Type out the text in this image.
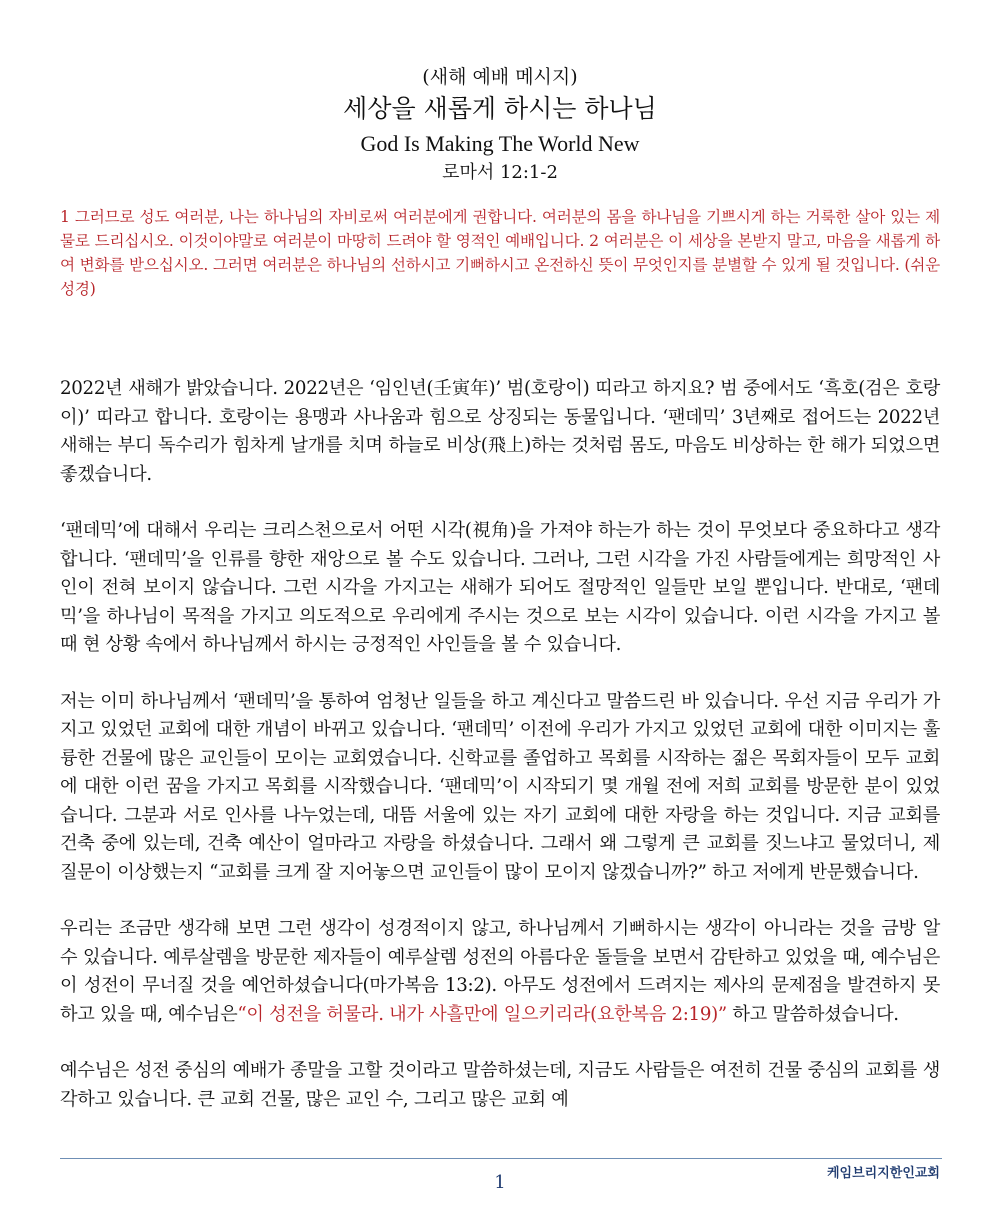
(새해 예배 메시지)
세상을 새롭게 하시는 하나님
God Is Making The World New
로마서 12:1-2
1 그러므로 성도 여러분, 나는 하나님의 자비로써 여러분에게 권합니다. 여러분의 몸을 하나님을 기쁘시게 하는 거룩한 살아 있는 제물로 드리십시오. 이것이야말로 여러분이 마땅히 드려야 할 영적인 예배입니다. 2 여러분은 이 세상을 본받지 말고, 마음을 새롭게 하여 변화를 받으십시오. 그러면 여러분은 하나님의 선하시고 기뻐하시고 온전하신 뜻이 무엇인지를 분별할 수 있게 될 것입니다. (쉬운성경)

2022년 새해가 밝았습니다. 2022년은 ‘임인년(壬寅年)’ 범(호랑이) 띠라고 하지요? 범 중에서도 ‘흑호(검은 호랑이)’ 띠라고 합니다. 호랑이는 용맹과 사나움과 힘으로 상징되는 동물입니다. ‘팬데믹’ 3년째로 접어드는 2022년 새해는 부디 독수리가 힘차게 날개를 치며 하늘로 비상(飛上)하는 것처럼 몸도, 마음도 비상하는 한 해가 되었으면 좋겠습니다.

‘팬데믹’에 대해서 우리는 크리스천으로서 어떤 시각(視角)을 가져야 하는가 하는 것이 무엇보다 중요하다고 생각합니다. ‘팬데믹’을 인류를 향한 재앙으로 볼 수도 있습니다. 그러나, 그런 시각을 가진 사람들에게는 희망적인 사인이 전혀 보이지 않습니다. 그런 시각을 가지고는 새해가 되어도 절망적인 일들만 보일 뿐입니다. 반대로, ‘팬데믹’을 하나님이 목적을 가지고 의도적으로 우리에게 주시는 것으로 보는 시각이 있습니다. 이런 시각을 가지고 볼 때 현 상황 속에서 하나님께서 하시는 긍정적인 사인들을 볼 수 있습니다.

저는 이미 하나님께서 ‘팬데믹’을 통하여 엄청난 일들을 하고 계신다고 말씀드린 바 있습니다. 우선 지금 우리가 가지고 있었던 교회에 대한 개념이 바뀌고 있습니다. ‘팬데믹’ 이전에 우리가 가지고 있었던 교회에 대한 이미지는 훌륭한 건물에 많은 교인들이 모이는 교회였습니다. 신학교를 졸업하고 목회를 시작하는 젊은 목회자들이 모두 교회에 대한 이런 꿈을 가지고 목회를 시작했습니다. ‘팬데믹’이 시작되기 몇 개월 전에 저희 교회를 방문한 분이 있었습니다. 그분과 서로 인사를 나누었는데, 대뜸 서울에 있는 자기 교회에 대한 자랑을 하는 것입니다. 지금 교회를 건축 중에 있는데, 건축 예산이 얼마라고 자랑을 하셨습니다. 그래서 왜 그렇게 큰 교회를 짓느냐고 물었더니, 제 질문이 이상했는지 “교회를 크게 잘 지어놓으면 교인들이 많이 모이지 않겠습니까?” 하고 저에게 반문했습니다.

우리는 조금만 생각해 보면 그런 생각이 성경적이지 않고, 하나님께서 기뻐하시는 생각이 아니라는 것을 금방 알 수 있습니다. 예루살렘을 방문한 제자들이 예루살렘 성전의 아름다운 돌들을 보면서 감탄하고 있었을 때, 예수님은 이 성전이 무너질 것을 예언하셨습니다(마가복음 13:2). 아무도 성전에서 드려지는 제사의 문제점을 발견하지 못하고 있을 때, 예수님은“이 성전을 허물라. 내가 사흘만에 일으키리라(요한복음 2:19)” 하고 말씀하셨습니다.

예수님은 성전 중심의 예배가 종말을 고할 것이라고 말씀하셨는데, 지금도 사람들은 여전히 건물 중심의 교회를 생각하고 있습니다. 큰 교회 건물, 많은 교인 수, 그리고 많은 교회 예

케임브리지한인교회
1
